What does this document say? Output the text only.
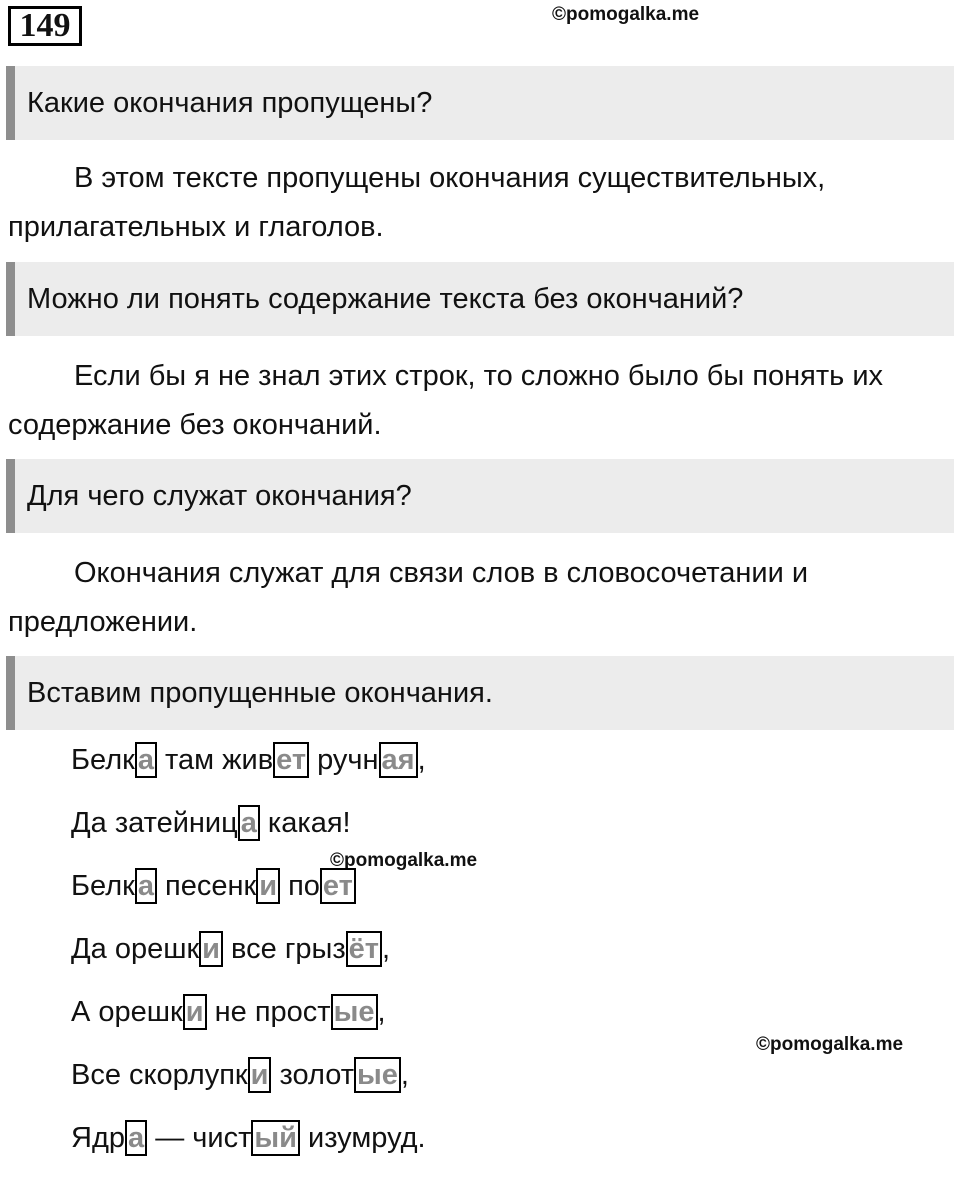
149	©pomogalka.me
©pomogalka.me
©pomogalka.me
Какие окончания пропущены?

В этом тексте пропущены окончания существительных, прилагательных и глаголов.

Можно ли понять содержание текста без окончаний?

Если бы я не знал этих строк, то сложно было бы понять их содержание без окончаний.

Для чего служат окончания?

Окончания служат для связи слов в словосочетании и предложении.

Вставим пропущенные окончания.
Белк а там жив ет ручн ая ,
Да затейниц а какая!
Белк а песенк и по ет
Да орешк и все грыз ёт ,
А орешк и не прост ые ,
Все скорлупк и золот ые ,
Ядр а — чист ый изумруд.
